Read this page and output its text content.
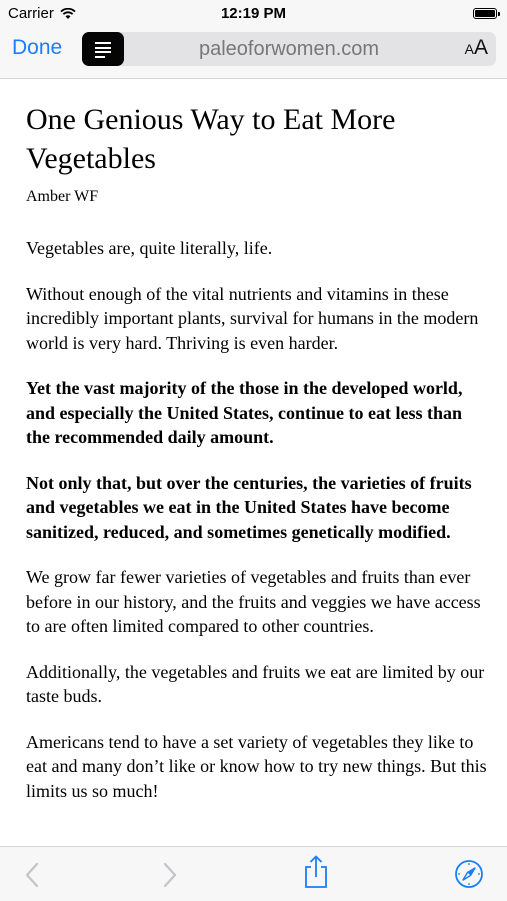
Carrier	12:19 PM
Done	paleoforwomen.com	AA
One Genious Way to Eat More Vegetables
Amber WF

Vegetables are, quite literally, life.

Without enough of the vital nutrients and vitamins in these incredibly important plants, survival for humans in the modern world is very hard. Thriving is even harder.

Yet the vast majority of the those in the developed world, and especially the United States, continue to eat less than the recommended daily amount.

Not only that, but over the centuries, the varieties of fruits and vegetables we eat in the United States have become sanitized, reduced, and sometimes genetically modified.

We grow far fewer varieties of vegetables and fruits than ever before in our history, and the fruits and veggies we have access to are often limited compared to other countries.

Additionally, the vegetables and fruits we eat are limited by our taste buds.

Americans tend to have a set variety of vegetables they like to eat and many don’t like or know how to try new things. But this limits us so much!
